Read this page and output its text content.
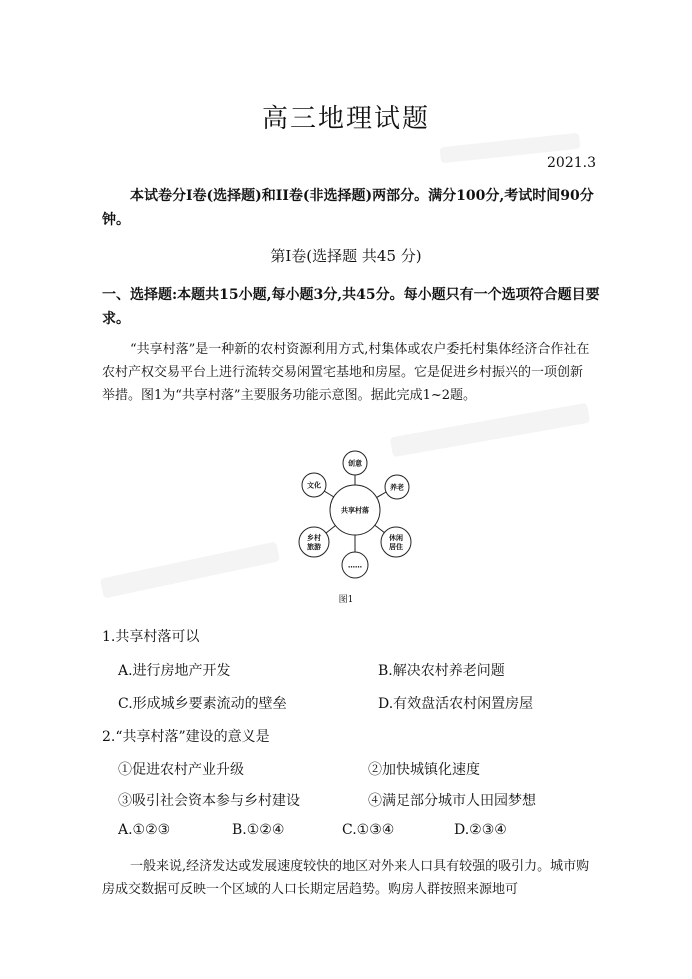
高三地理试题
2021.3
本试卷分Ⅰ卷(选择题)和II卷(非选择题)两部分。满分100分,考试时间90分钟。
第Ⅰ卷(选择题 共45 分)
一、选择题:本题共15小题,每小题3分,共45分。每小题只有一个选项符合题目要求。
“共享村落”是一种新的农村资源利用方式,村集体或农户委托村集体经济合作社在农村产权交易平台上进行流转交易闲置宅基地和房屋。它是促进乡村振兴的一项创新举措。图1为“共享村落”主要服务功能示意图。据此完成1~2题。
共享村落
创意
养老
休闲
居住
……
乡村
旅游
文化
图1
1.共享村落可以
A.进行房地产开发	B.解决农村养老问题
C.形成城乡要素流动的壁垒	D.有效盘活农村闲置房屋
2.“共享村落”建设的意义是
①促进农村产业升级	②加快城镇化速度
③吸引社会资本参与乡村建设	④满足部分城市人田园梦想
A.①②③	B.①②④	C.①③④	D.②③④
一般来说,经济发达或发展速度较快的地区对外来人口具有较强的吸引力。城市购房成交数据可反映一个区域的人口长期定居趋势。购房人群按照来源地可
